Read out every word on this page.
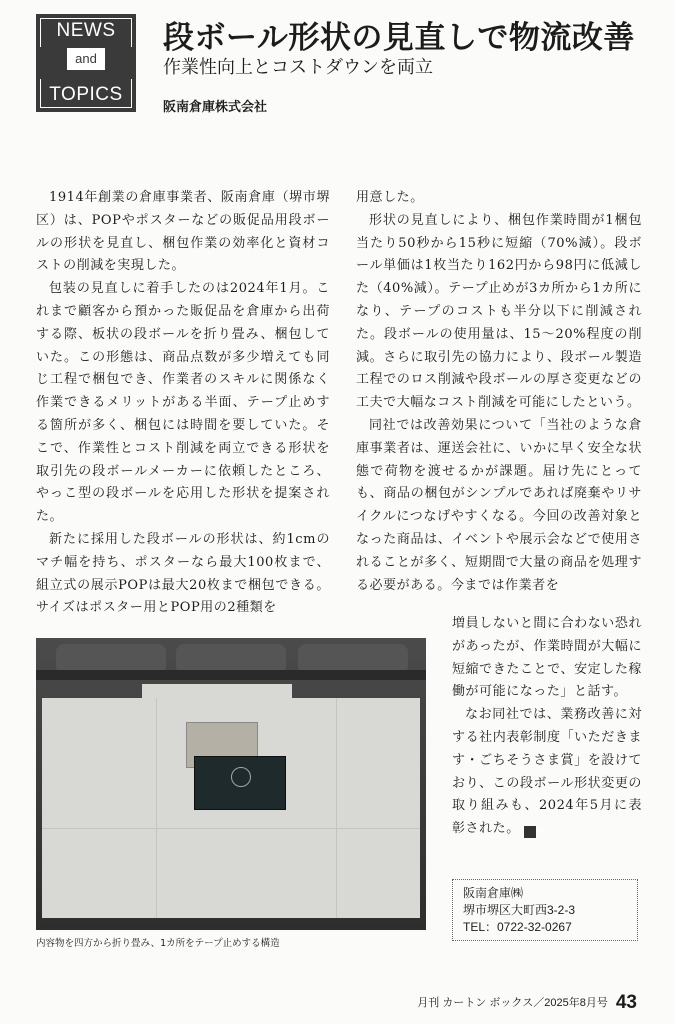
NEWS
and
TOPICS
段ボール形状の見直しで物流改善
作業性向上とコストダウンを両立
阪南倉庫株式会社

1914年創業の倉庫事業者、阪南倉庫（堺市堺区）は、POPやポスターなどの販促品用段ボールの形状を見直し、梱包作業の効率化と資材コストの削減を実現した。

包装の見直しに着手したのは2024年1月。これまで顧客から預かった販促品を倉庫から出荷する際、板状の段ボールを折り畳み、梱包していた。この形態は、商品点数が多少増えても同じ工程で梱包でき、作業者のスキルに関係なく作業できるメリットがある半面、テープ止めする箇所が多く、梱包には時間を要していた。そこで、作業性とコスト削減を両立できる形状を取引先の段ボールメーカーに依頼したところ、やっこ型の段ボールを応用した形状を提案された。

新たに採用した段ボールの形状は、約1cmのマチ幅を持ち、ポスターなら最大100枚まで、組立式の展示POPは最大20枚まで梱包できる。サイズはポスター用とPOP用の2種類を

用意した。

形状の見直しにより、梱包作業時間が1梱包当たり50秒から15秒に短縮（70%減）。段ボール単価は1枚当たり162円から98円に低減した（40%減）。テープ止めが3カ所から1カ所になり、テープのコストも半分以下に削減された。段ボールの使用量は、15～20%程度の削減。さらに取引先の協力により、段ボール製造工程でのロス削減や段ボールの厚さ変更などの工夫で大幅なコスト削減を可能にしたという。

同社では改善効果について「当社のような倉庫事業者は、運送会社に、いかに早く安全な状態で荷物を渡せるかが課題。届け先にとっても、商品の梱包がシンプルであれば廃棄やリサイクルにつなげやすくなる。今回の改善対象となった商品は、イベントや展示会などで使用されることが多く、短期間で大量の商品を処理する必要がある。今までは作業者を

内容物を四方から折り畳み、1カ所をテープ止めする構造

増員しないと間に合わない恐れがあったが、作業時間が大幅に短縮できたことで、安定した稼働が可能になった」と話す。

なお同社では、業務改善に対する社内表彰制度「いただきます・ごちそうさま賞」を設けており、この段ボール形状変更の取り組みも、2024年5月に表彰された。	HP

阪南倉庫㈱
堺市堺区大町西3-2-3
TEL：0722-32-0267
月刊 カートン ボックス／2025年8月号 43
